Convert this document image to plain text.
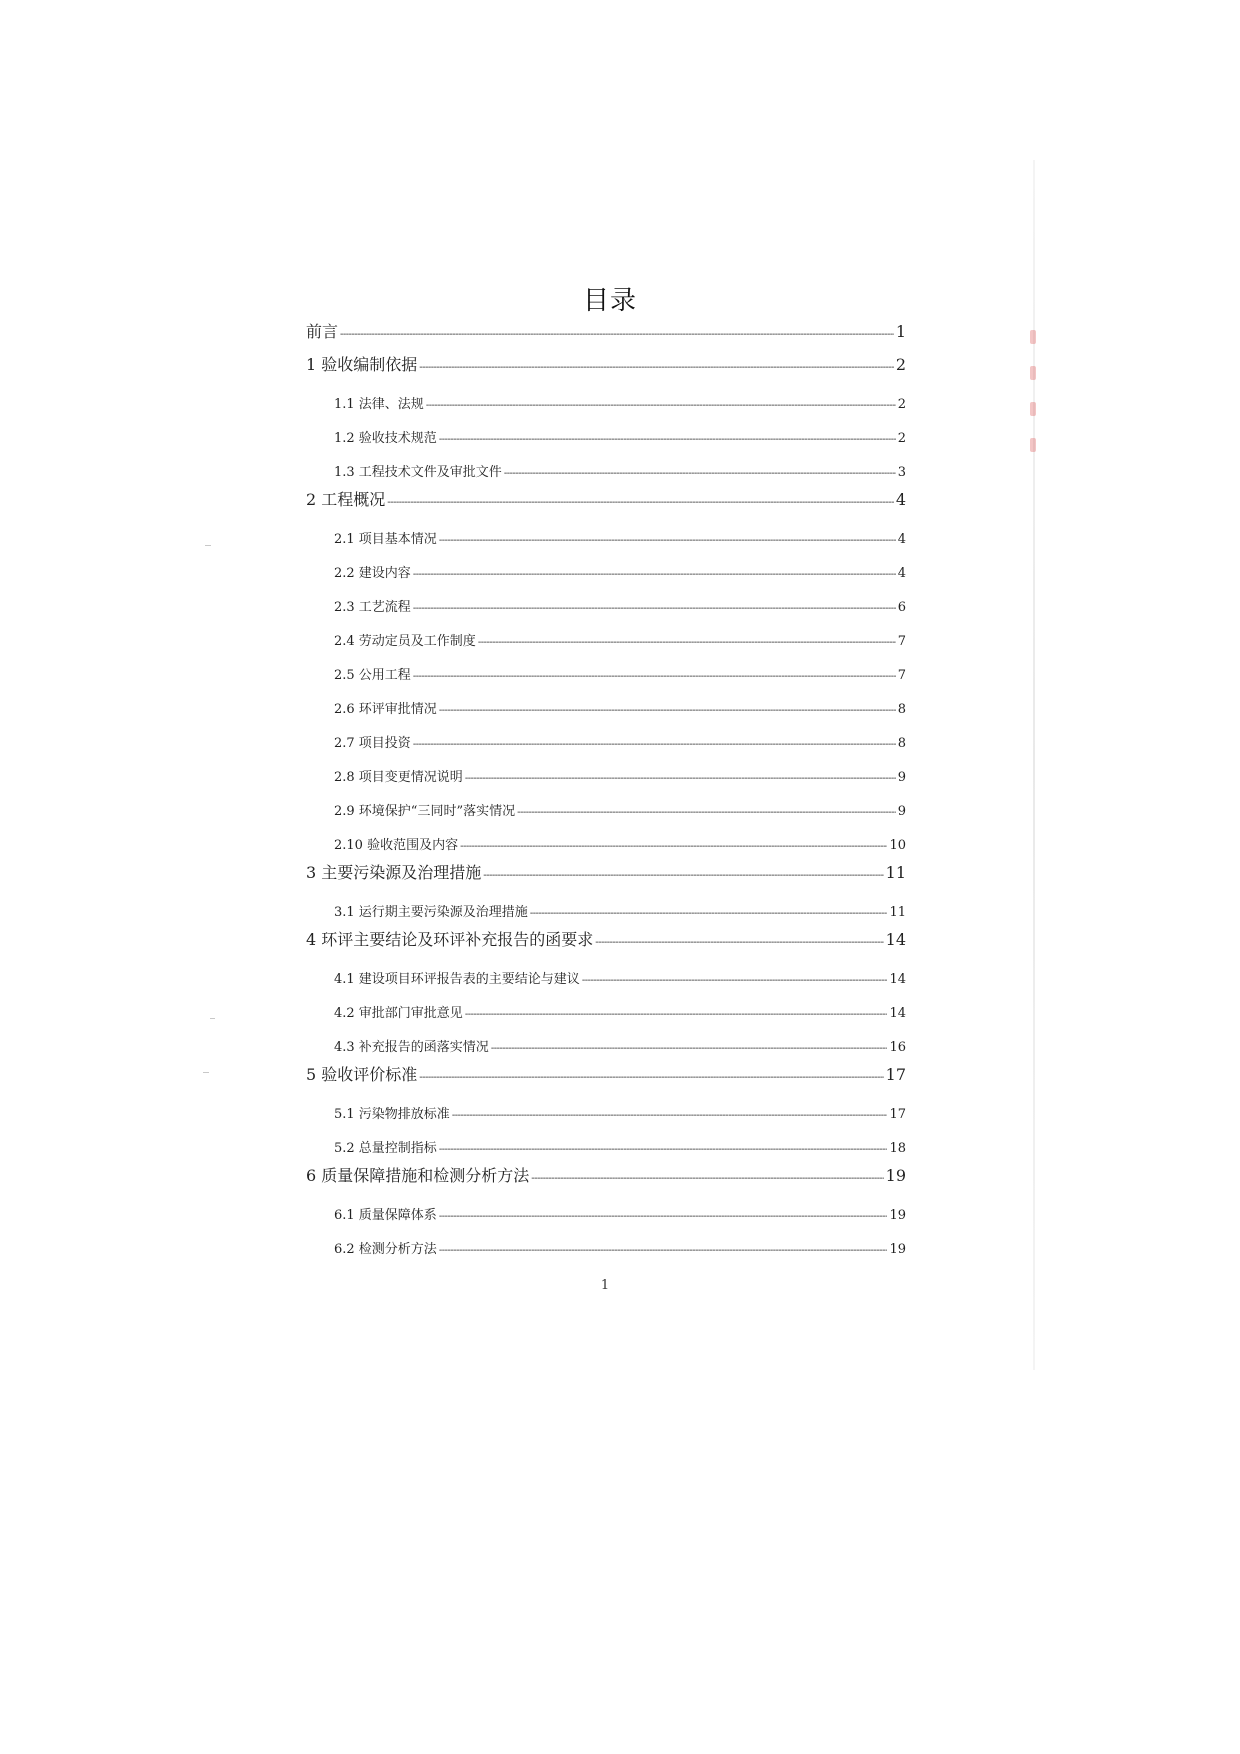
目录
前言 -----	1
1 验收编制依据 -----	2
1.1 法律、法规 -----	2
1.2 验收技术规范 -----	2
1.3 工程技术文件及审批文件 -----	3
2 工程概况 -----	4
2.1 项目基本情况 -----	4
2.2 建设内容 -----	4
2.3 工艺流程 -----	6
2.4 劳动定员及工作制度 -----	7
2.5 公用工程 -----	7
2.6 环评审批情况 -----	8
2.7 项目投资 -----	8
2.8 项目变更情况说明 -----	9
2.9 环境保护“三同时”落实情况 -----	9
2.10 验收范围及内容 -----	10
3 主要污染源及治理措施 -----	11
3.1 运行期主要污染源及治理措施 -----	11
4 环评主要结论及环评补充报告的函要求 -----	14
4.1 建设项目环评报告表的主要结论与建议 -----	14
4.2 审批部门审批意见 -----	14
4.3 补充报告的函落实情况 -----	16
5 验收评价标准 -----	17
5.1 污染物排放标准 -----	17
5.2 总量控制指标 -----	18
6 质量保障措施和检测分析方法 -----	19
6.1 质量保障体系 -----	19
6.2 检测分析方法 -----	19
1
